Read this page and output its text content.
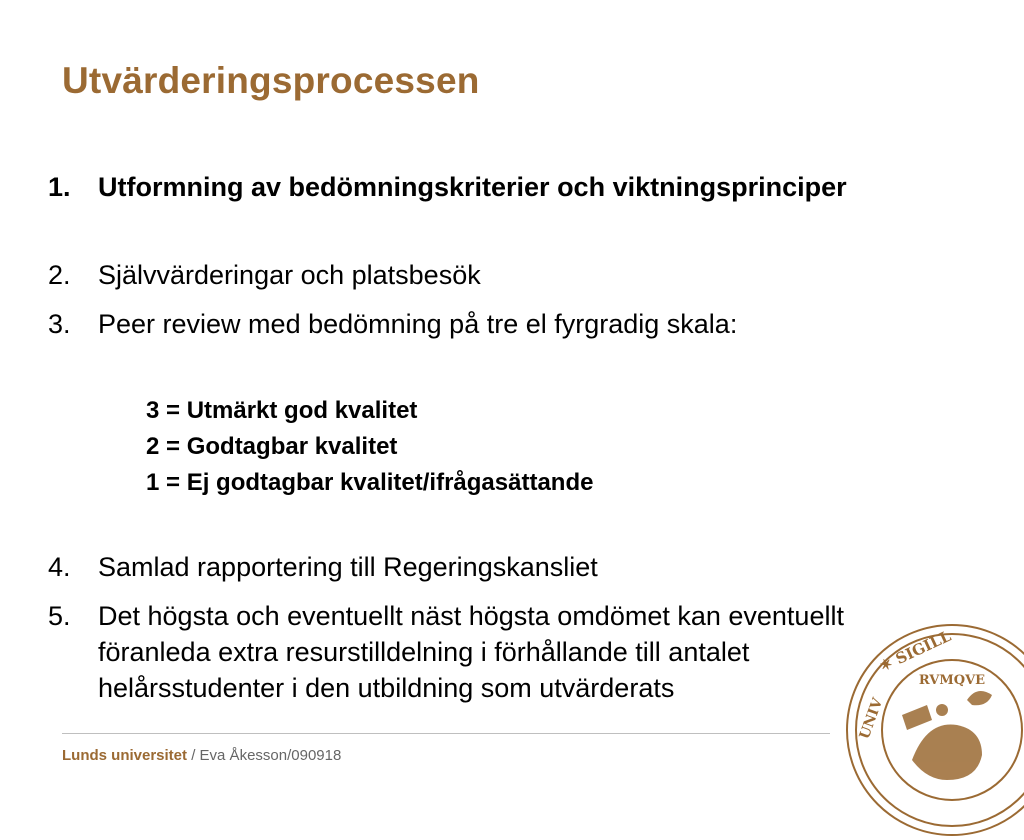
Utvärderingsprocessen
1. Utformning av bedömningskriterier och viktningsprinciper
2. Självvärderingar och platsbesök
3. Peer review med bedömning på tre el fyrgradig skala:
3 = Utmärkt god kvalitet
2 = Godtagbar kvalitet
1 = Ej godtagbar kvalitet/ifrågasättande
4. Samlad rapportering till Regeringskansliet
5. Det högsta och eventuellt näst högsta omdömet kan eventuellt föranleda extra resurstilldelning i förhållande till antalet helårsstudenter i den utbildning som utvärderats
Lunds universitet / Eva Åkesson/090918
✶ SIGILL
RVMQVE
UNIV
